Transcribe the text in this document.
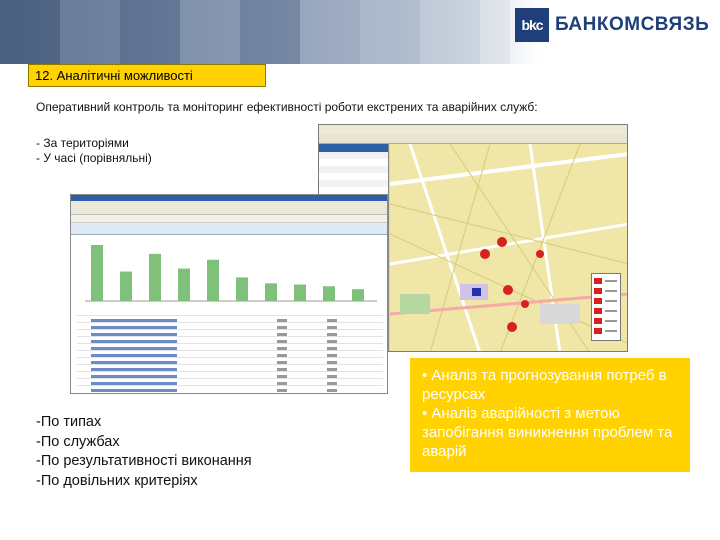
bkc БАНКОМСВЯЗЬ
www.bkc.com.ua
12. Аналітичні можливості
Оперативний контроль та моніторинг ефективності роботи екстрених та аварійних служб:
- За територіями
- У часі (порівняльні)
-По типах
-По службах
-По результативності виконання
-По довільних критеріях
• Аналіз та прогнозування потреб в ресурсах
• Аналіз аварійності з метою запобігання виникнення проблем та аварій
